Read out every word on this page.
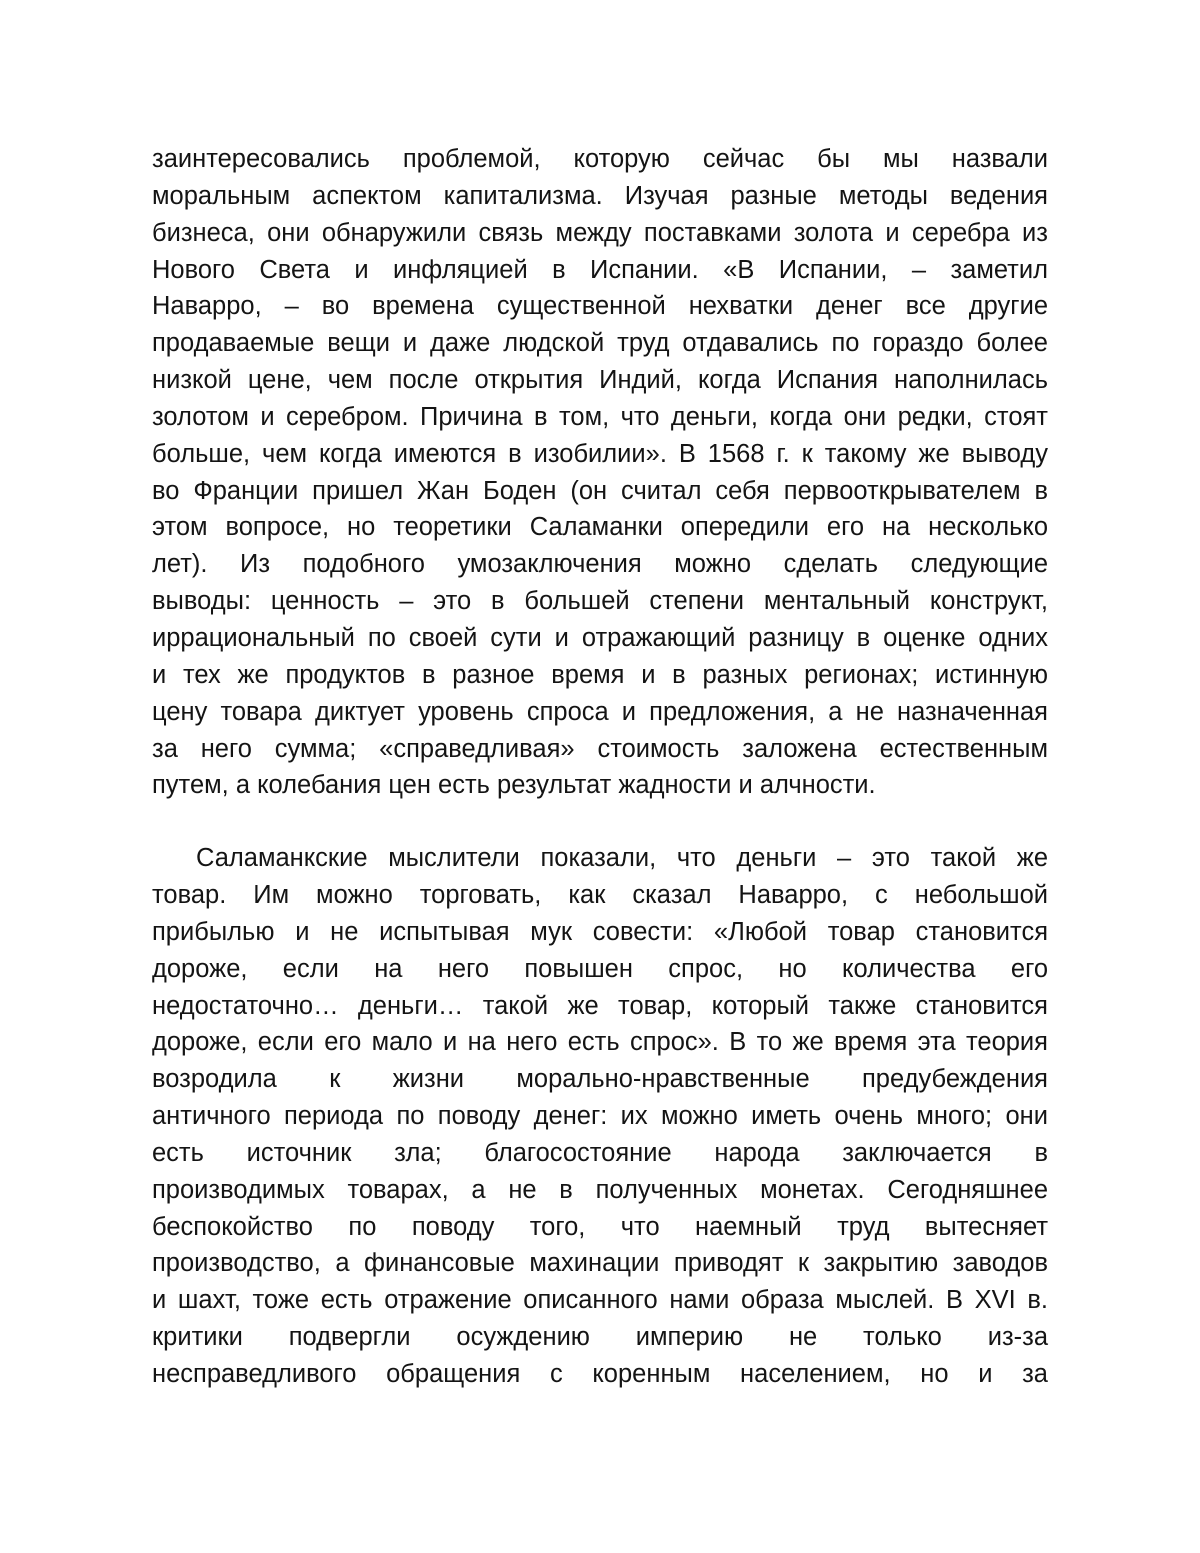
заинтересовались проблемой, которую сейчас бы мы назвали
моральным аспектом капитализма. Изучая разные методы ведения
бизнеса, они обнаружили связь между поставками золота и серебра из
Нового Света и инфляцией в Испании. «В Испании, – заметил
Наварро, – во времена существенной нехватки денег все другие
продаваемые вещи и даже людской труд отдавались по гораздо более
низкой цене, чем после открытия Индий, когда Испания наполнилась
золотом и серебром. Причина в том, что деньги, когда они редки, стоят
больше, чем когда имеются в изобилии». В 1568 г. к такому же выводу
во Франции пришел Жан Боден (он считал себя первооткрывателем в
этом вопросе, но теоретики Саламанки опередили его на несколько
лет). Из подобного умозаключения можно сделать следующие
выводы: ценность – это в большей степени ментальный конструкт,
иррациональный по своей сути и отражающий разницу в оценке одних
и тех же продуктов в разное время и в разных регионах; истинную
цену товара диктует уровень спроса и предложения, а не назначенная
за него сумма; «справедливая» стоимость заложена естественным
путем, а колебания цен есть результат жадности и алчности.
Саламанкские мыслители показали, что деньги – это такой же
товар. Им можно торговать, как сказал Наварро, с небольшой
прибылью и не испытывая мук совести: «Любой товар становится
дороже, если на него повышен спрос, но количества его
недостаточно… деньги… такой же товар, который также становится
дороже, если его мало и на него есть спрос». В то же время эта теория
возродила к жизни морально-нравственные предубеждения
античного периода по поводу денег: их можно иметь очень много; они
есть источник зла; благосостояние народа заключается в
производимых товарах, а не в полученных монетах. Сегодняшнее
беспокойство по поводу того, что наемный труд вытесняет
производство, а финансовые махинации приводят к закрытию заводов
и шахт, тоже есть отражение описанного нами образа мыслей. В XVI в.
критики подвергли осуждению империю не только из-за
несправедливого обращения с коренным населением, но и за
